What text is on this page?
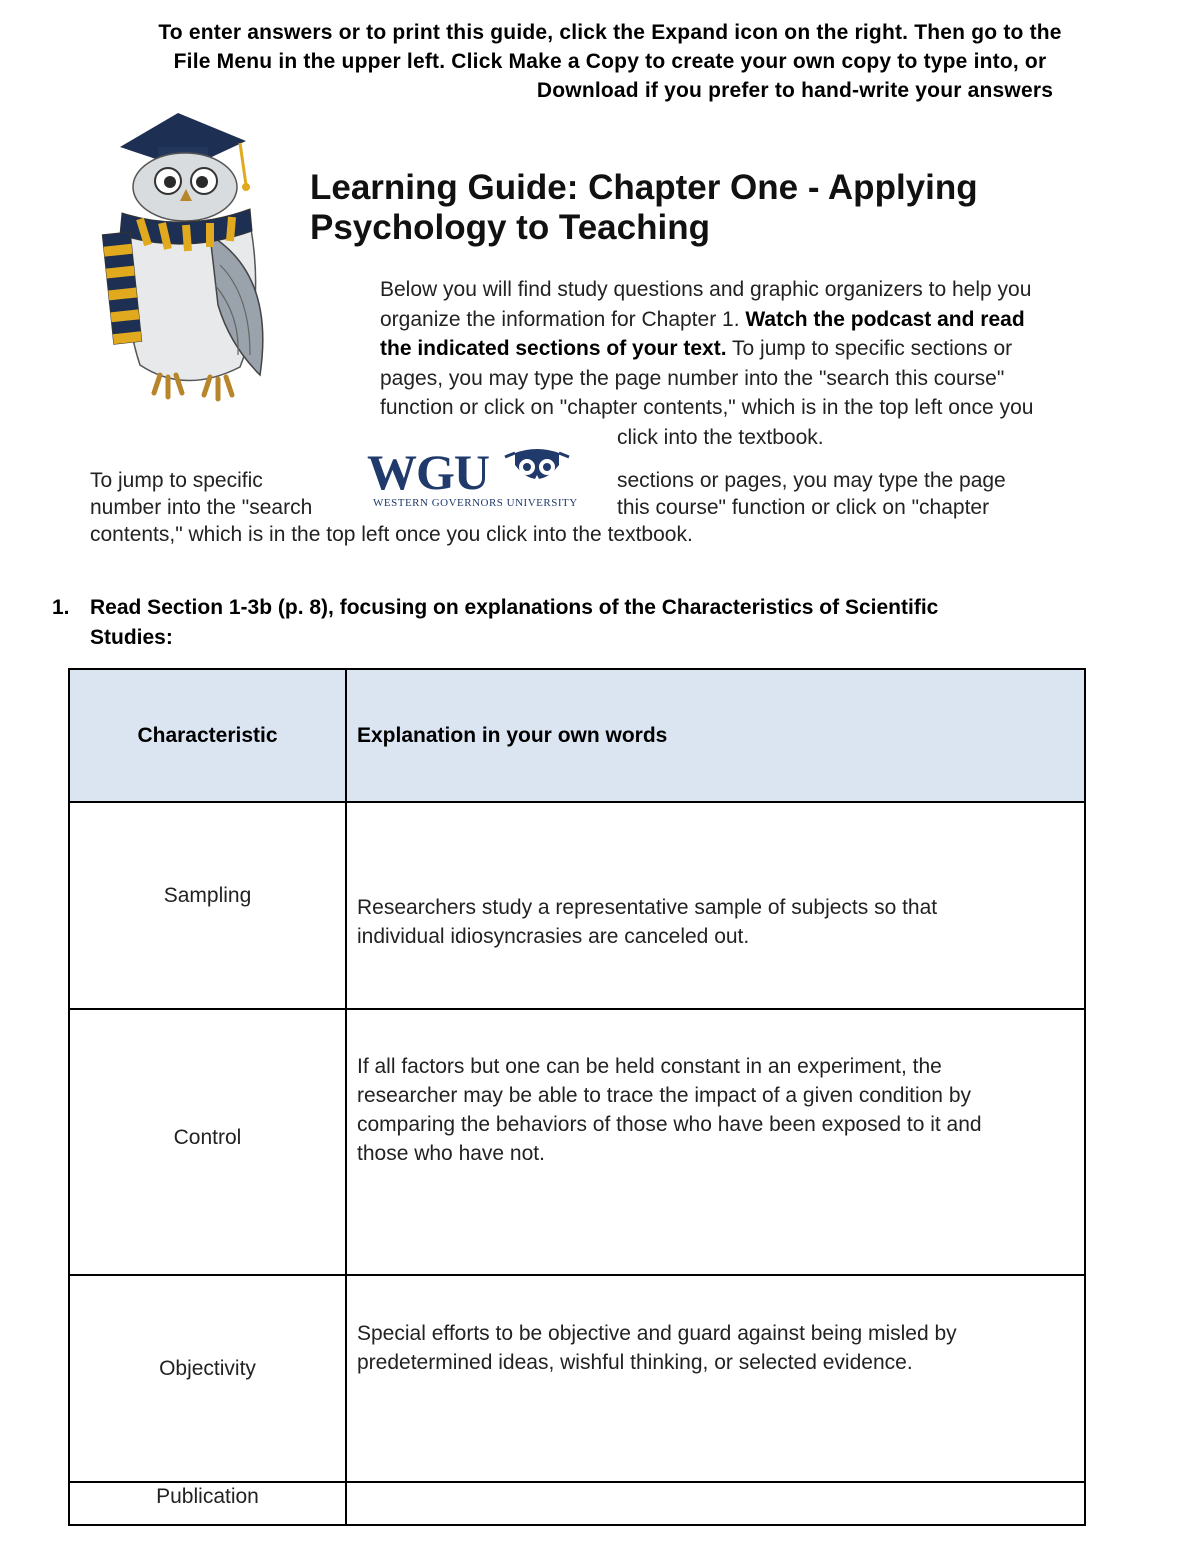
To enter answers or to print this guide, click the Expand icon on the right. Then go to the
File Menu in the upper left. Click Make a Copy to create your own copy to type into, or
Download if you prefer to hand-write your answers
Learning Guide: Chapter One - Applying
Psychology to Teaching
Below you will find study questions and graphic organizers to help you
organize the information for Chapter 1. Watch the podcast and read
the indicated sections of your text. To jump to specific sections or
pages, you may type the page number into the "search this course"
function or click on "chapter contents," which is in the top left once you
click into the textbook.
WGU
WESTERN GOVERNORS UNIVERSITY
To jump to specific
number into the "search
sections or pages, you may type the page
this course" function or click on "chapter
contents," which is in the top left once you click into the textbook.
1. Read Section 1-3b (p. 8), focusing on explanations of the Characteristics of Scientific
Studies:
Characteristic	Explanation in your own words

Sampling	Researchers study a representative sample of subjects so that
individual idiosyncrasies are canceled out.

Control	If all factors but one can be held constant in an experiment, the
researcher may be able to trace the impact of a given condition by
comparing the behaviors of those who have been exposed to it and
those who have not.

Objectivity	Special efforts to be objective and guard against being misled by
predetermined ideas, wishful thinking, or selected evidence.

Publication	
